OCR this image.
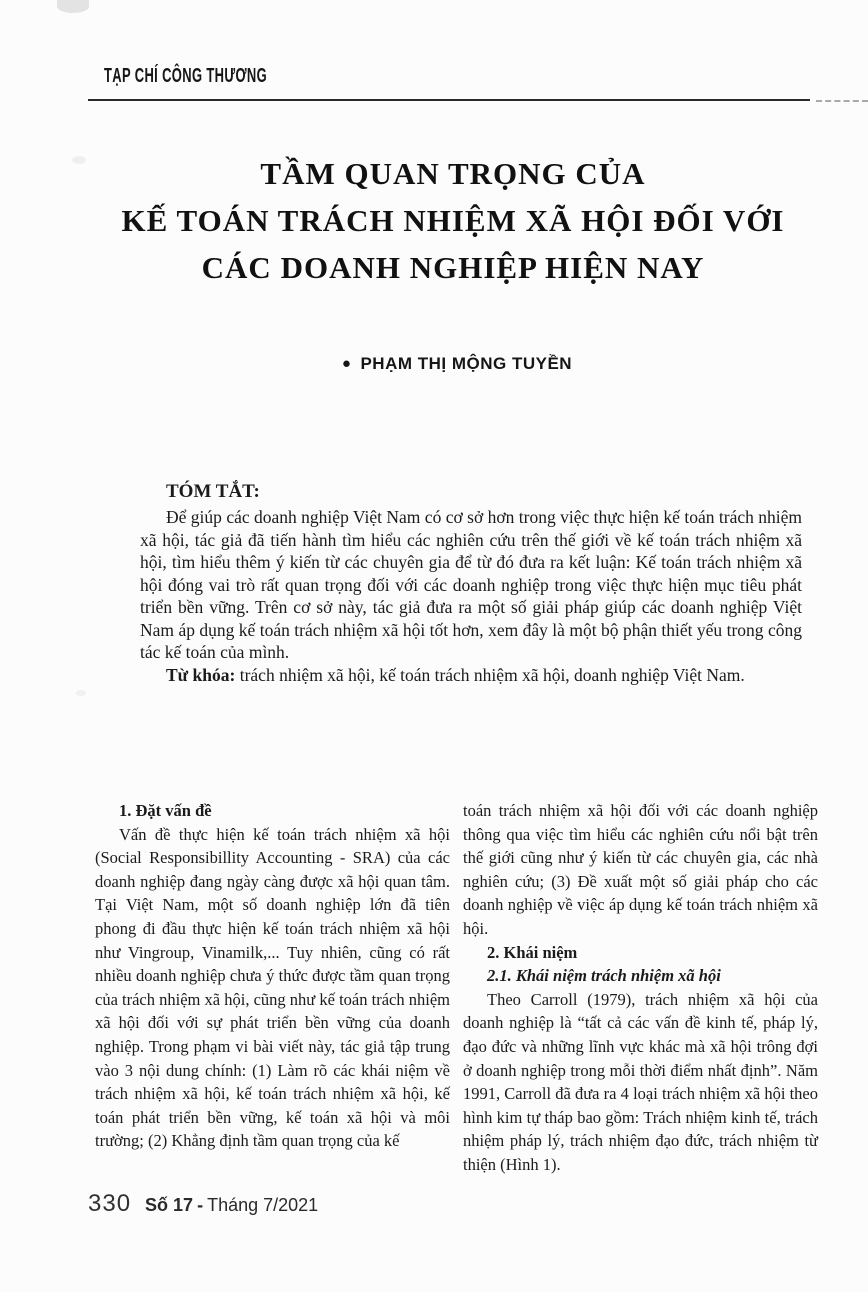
TẠP CHÍ CÔNG THƯƠNG
TẦM QUAN TRỌNG CỦA
KẾ TOÁN TRÁCH NHIỆM XÃ HỘI ĐỐI VỚI
CÁC DOANH NGHIỆP HIỆN NAY
● PHẠM THỊ MỘNG TUYỀN
TÓM TẮT:

Để giúp các doanh nghiệp Việt Nam có cơ sở hơn trong việc thực hiện kế toán trách nhiệm xã hội, tác giả đã tiến hành tìm hiểu các nghiên cứu trên thế giới về kế toán trách nhiệm xã hội, tìm hiểu thêm ý kiến từ các chuyên gia để từ đó đưa ra kết luận: Kế toán trách nhiệm xã hội đóng vai trò rất quan trọng đối với các doanh nghiệp trong việc thực hiện mục tiêu phát triển bền vững. Trên cơ sở này, tác giả đưa ra một số giải pháp giúp các doanh nghiệp Việt Nam áp dụng kế toán trách nhiệm xã hội tốt hơn, xem đây là một bộ phận thiết yếu trong công tác kế toán của mình.

Từ khóa: trách nhiệm xã hội, kế toán trách nhiệm xã hội, doanh nghiệp Việt Nam.

1. Đặt vấn đề

Vấn đề thực hiện kế toán trách nhiệm xã hội (Social Responsibillity Accounting - SRA) của các doanh nghiệp đang ngày càng được xã hội quan tâm. Tại Việt Nam, một số doanh nghiệp lớn đã tiên phong đi đầu thực hiện kế toán trách nhiệm xã hội như Vingroup, Vinamilk,... Tuy nhiên, cũng có rất nhiều doanh nghiệp chưa ý thức được tầm quan trọng của trách nhiệm xã hội, cũng như kế toán trách nhiệm xã hội đối với sự phát triển bền vững của doanh nghiệp. Trong phạm vi bài viết này, tác giả tập trung vào 3 nội dung chính: (1) Làm rõ các khái niệm về trách nhiệm xã hội, kế toán trách nhiệm xã hội, kế toán phát triển bền vững, kế toán xã hội và môi trường; (2) Khẳng định tầm quan trọng của kế

toán trách nhiệm xã hội đối với các doanh nghiệp thông qua việc tìm hiểu các nghiên cứu nổi bật trên thế giới cũng như ý kiến từ các chuyên gia, các nhà nghiên cứu; (3) Đề xuất một số giải pháp cho các doanh nghiệp về việc áp dụng kế toán trách nhiệm xã hội.

2. Khái niệm

2.1. Khái niệm trách nhiệm xã hội

Theo Carroll (1979), trách nhiệm xã hội của doanh nghiệp là “tất cả các vấn đề kinh tế, pháp lý, đạo đức và những lĩnh vực khác mà xã hội trông đợi ở doanh nghiệp trong mỗi thời điểm nhất định”. Năm 1991, Carroll đã đưa ra 4 loại trách nhiệm xã hội theo hình kim tự tháp bao gồm: Trách nhiệm kinh tế, trách nhiệm pháp lý, trách nhiệm đạo đức, trách nhiệm từ thiện (Hình 1).

330 Số 17 - Tháng 7/2021
